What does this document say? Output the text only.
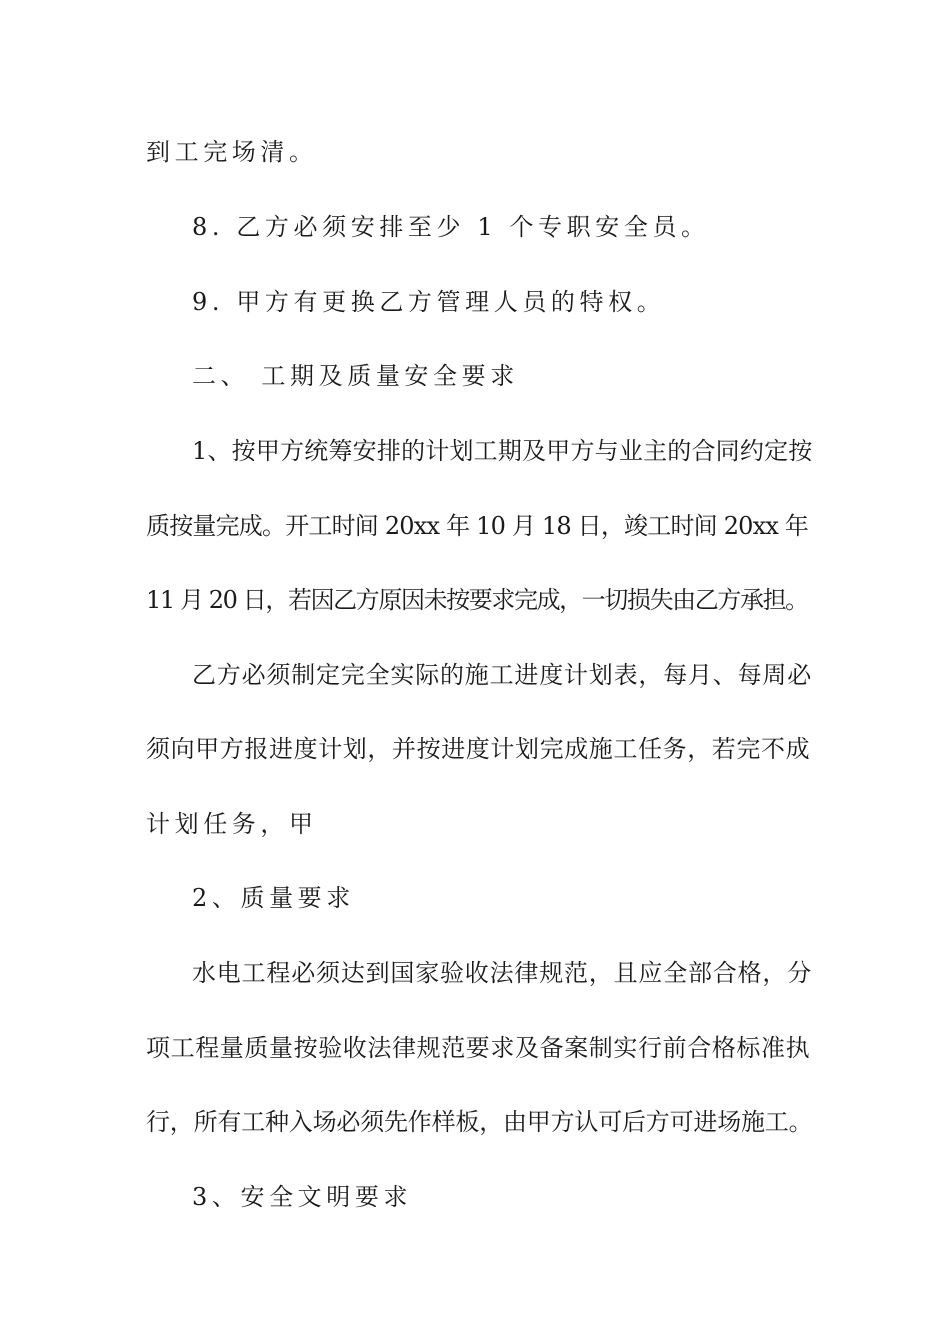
到工完场清。
8. 乙方必须安排至少 1 个专职安全员。
9. 甲方有更换乙方管理人员的特权。
二、 工期及质量安全要求
1、按甲方统筹安排的计划工期及甲方与业主的合同约定按
质按量完成。开工时间 20xx 年 10 月 18 日，竣工时间 20xx 年
11 月 20 日，若因乙方原因未按要求完成，一切损失由乙方承担。
乙方必须制定完全实际的施工进度计划表，每月、每周必
须向甲方报进度计划，并按进度计划完成施工任务，若完不成
计划任务，甲
2、质量要求
水电工程必须达到国家验收法律规范，且应全部合格，分
项工程量质量按验收法律规范要求及备案制实行前合格标准执
行，所有工种入场必须先作样板，由甲方认可后方可进场施工。
3、安全文明要求
